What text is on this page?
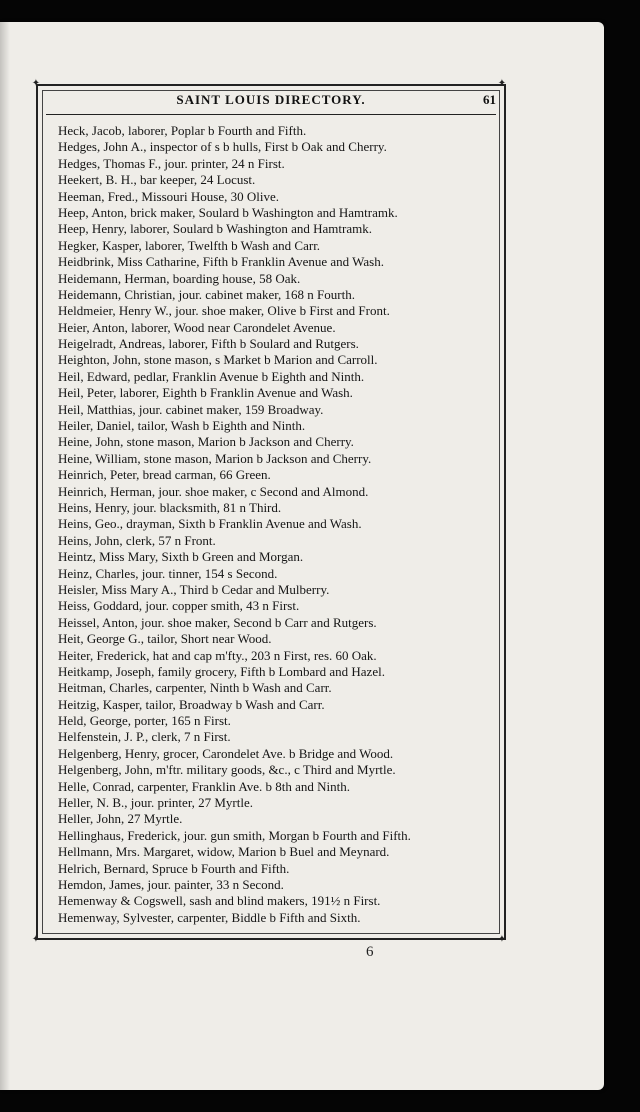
✦	✦
✦	✦
SAINT LOUIS DIRECTORY.	61
Heck, Jacob, laborer, Poplar b Fourth and Fifth.
Hedges, John A., inspector of s b hulls, First b Oak and Cherry.
Hedges, Thomas F., jour. printer, 24 n First.
Heekert, B. H., bar keeper, 24 Locust.
Heeman, Fred., Missouri House, 30 Olive.
Heep, Anton, brick maker, Soulard b Washington and Hamtramk.
Heep, Henry, laborer, Soulard b Washington and Hamtramk.
Hegker, Kasper, laborer, Twelfth b Wash and Carr.
Heidbrink, Miss Catharine, Fifth b Franklin Avenue and Wash.
Heidemann, Herman, boarding house, 58 Oak.
Heidemann, Christian, jour. cabinet maker, 168 n Fourth.
Heldmeier, Henry W., jour. shoe maker, Olive b First and Front.
Heier, Anton, laborer, Wood near Carondelet Avenue.
Heigelradt, Andreas, laborer, Fifth b Soulard and Rutgers.
Heighton, John, stone mason, s Market b Marion and Carroll.
Heil, Edward, pedlar, Franklin Avenue b Eighth and Ninth.
Heil, Peter, laborer, Eighth b Franklin Avenue and Wash.
Heil, Matthias, jour. cabinet maker, 159 Broadway.
Heiler, Daniel, tailor, Wash b Eighth and Ninth.
Heine, John, stone mason, Marion b Jackson and Cherry.
Heine, William, stone mason, Marion b Jackson and Cherry.
Heinrich, Peter, bread carman, 66 Green.
Heinrich, Herman, jour. shoe maker, c Second and Almond.
Heins, Henry, jour. blacksmith, 81 n Third.
Heins, Geo., drayman, Sixth b Franklin Avenue and Wash.
Heins, John, clerk, 57 n Front.
Heintz, Miss Mary, Sixth b Green and Morgan.
Heinz, Charles, jour. tinner, 154 s Second.
Heisler, Miss Mary A., Third b Cedar and Mulberry.
Heiss, Goddard, jour. copper smith, 43 n First.
Heissel, Anton, jour. shoe maker, Second b Carr and Rutgers.
Heit, George G., tailor, Short near Wood.
Heiter, Frederick, hat and cap m'fty., 203 n First, res. 60 Oak.
Heitkamp, Joseph, family grocery, Fifth b Lombard and Hazel.
Heitman, Charles, carpenter, Ninth b Wash and Carr.
Heitzig, Kasper, tailor, Broadway b Wash and Carr.
Held, George, porter, 165 n First.
Helfenstein, J. P., clerk, 7 n First.
Helgenberg, Henry, grocer, Carondelet Ave. b Bridge and Wood.
Helgenberg, John, m'ftr. military goods, &c., c Third and Myrtle.
Helle, Conrad, carpenter, Franklin Ave. b 8th and Ninth.
Heller, N. B., jour. printer, 27 Myrtle.
Heller, John, 27 Myrtle.
Hellinghaus, Frederick, jour. gun smith, Morgan b Fourth and Fifth.
Hellmann, Mrs. Margaret, widow, Marion b Buel and Meynard.
Helrich, Bernard, Spruce b Fourth and Fifth.
Hemdon, James, jour. painter, 33 n Second.
Hemenway & Cogswell, sash and blind makers, 191½ n First.
Hemenway, Sylvester, carpenter, Biddle b Fifth and Sixth.
6
